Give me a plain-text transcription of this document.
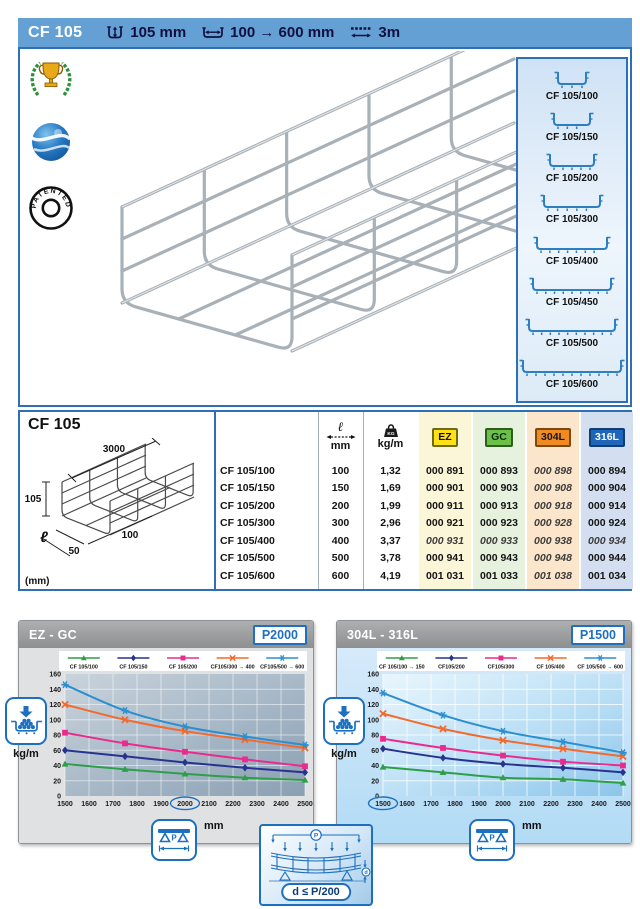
CF 105	105 mm	100 → 600 mm	3m
PATENTED
CF 105/100
CF 105/150
CF 105/200
CF 105/300
CF 105/400
CF 105/450
CF 105/500
CF 105/600
CF 105
3000
105
50
100
ℓ
(mm)
ℓ
mm
KG
kg/m
EZ	GC	304L	316L
CF 105/100	100	1,32	000 891	000 893	000 898	000 894
CF 105/150	150	1,69	000 901	000 903	000 908	000 904
CF 105/200	200	1,99	000 911	000 913	000 918	000 914
CF 105/300	300	2,96	000 921	000 923	000 928	000 924
CF 105/400	400	3,37	000 931	000 933	000 938	000 934
CF 105/500	500	3,78	000 941	000 943	000 948	000 944
CF 105/600	600	4,19	001 031	001 033	001 038	001 034
EZ - GC	P2000
0
20
40
60
80
100
120
140
160
1500 1600 1700 1800 1900 2000 2100 2200 2300 2400 2500
CF 105/100	CF 105/150	CF 105/200 CF105/300 → 400 CF105/500 → 600
304L - 316L	P1500
0
20
40
60
80
100
120
140
160
1500 1600 1700 1800 1900 2000 2100 2200 2300 2400 2500
CF 105/100 → 150 CF105/200	CF105/300	CF 105/400 CF 105/500 → 600
kg/m	kg/m
P	P
mm	mm
P
d
d ≤ P/200
